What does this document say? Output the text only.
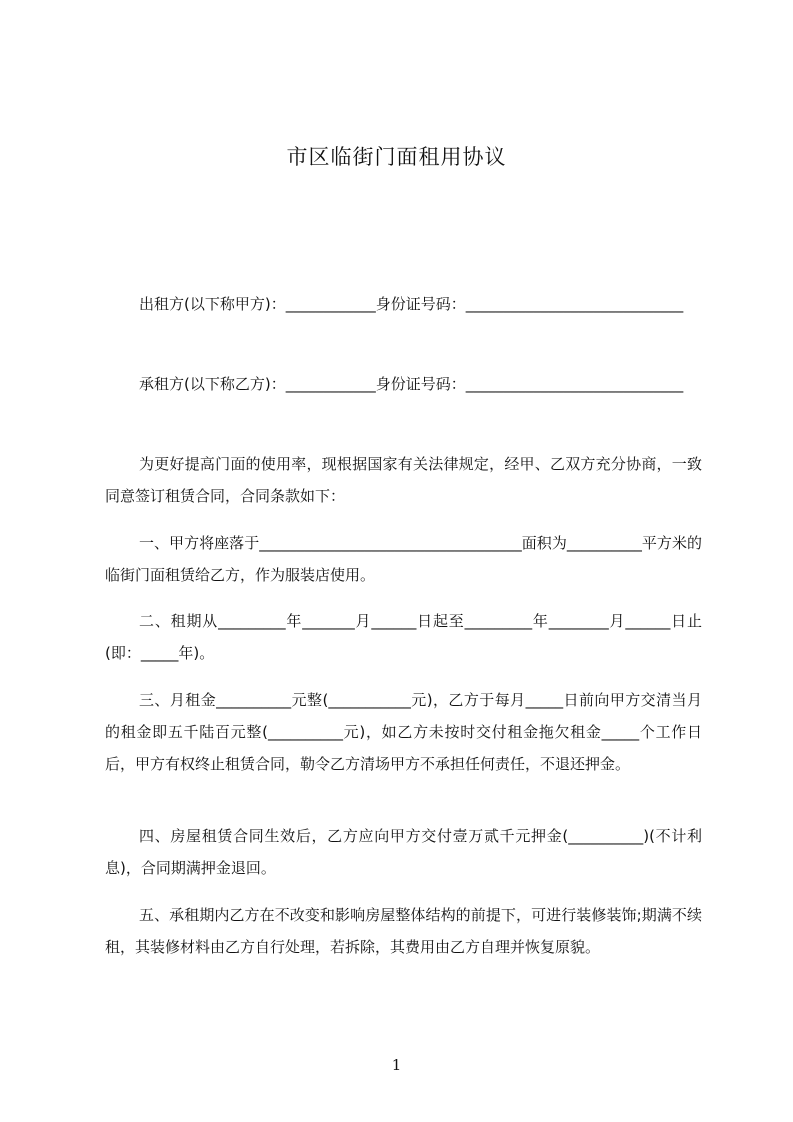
市区临街门面租用协议

出租方(以下称甲方)：____________身份证号码：_____________________________

承租方(以下称乙方)：____________身份证号码：_____________________________

为更好提高门面的使用率，现根据国家有关法律规定，经甲、乙双方充分协商，一致同意签订租赁合同，合同条款如下：

一、甲方将座落于___________________________________面积为__________平方米的临街门面租赁给乙方，作为服装店使用。

二、租期从_________年_______月______日起至_________年________月______日止(即：_____年)。

三、月租金__________元整(___________元)，乙方于每月_____日前向甲方交清当月的租金即五千陆百元整(__________元)，如乙方未按时交付租金拖欠租金_____个工作日后，甲方有权终止租赁合同，勒令乙方清场甲方不承担任何责任，不退还押金。

四、房屋租赁合同生效后，乙方应向甲方交付壹万贰千元押金(__________)(不计利息)，合同期满押金退回。

五、承租期内乙方在不改变和影响房屋整体结构的前提下，可进行装修装饰;期满不续租，其装修材料由乙方自行处理，若拆除，其费用由乙方自理并恢复原貌。

1
